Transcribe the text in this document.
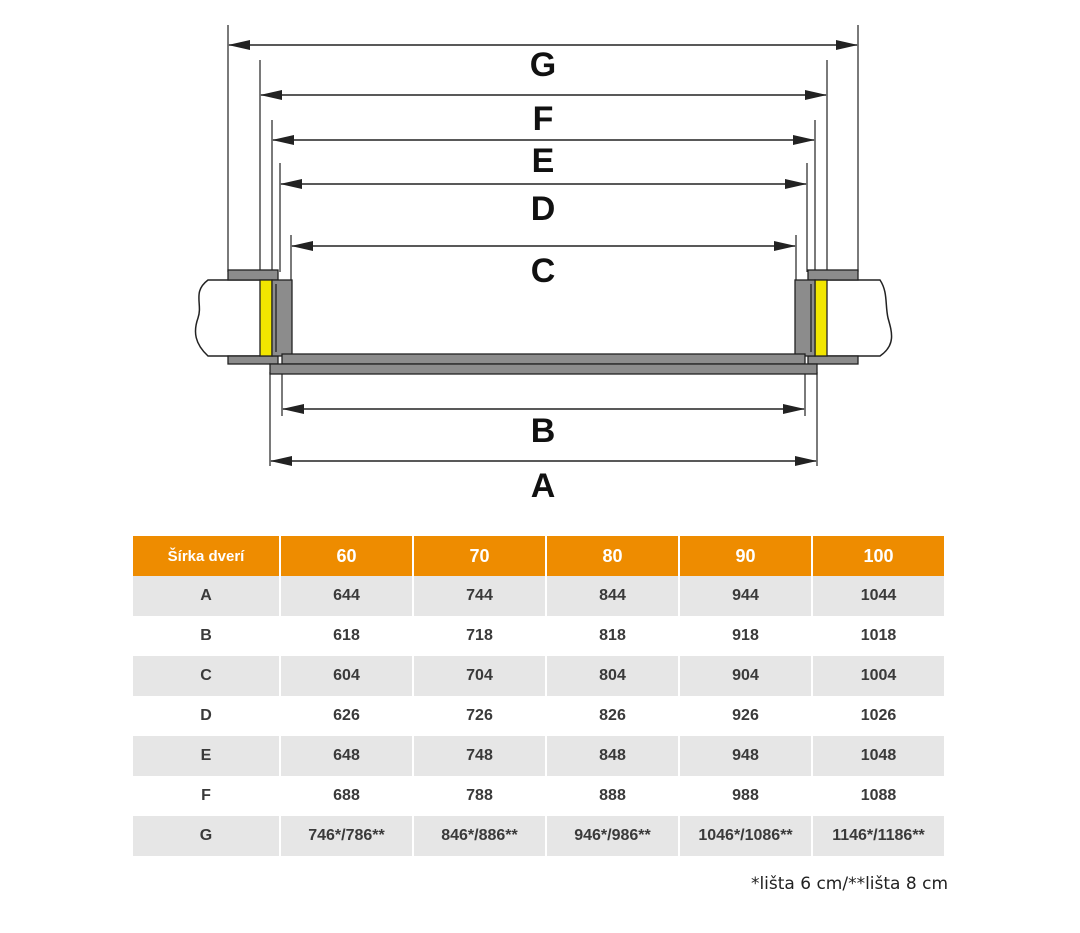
G
F
E
D
C
B
A
Šírka dverí	60	70	80	90	100
A	644	744	844	944	1044
B	618	718	818	918	1018
C	604	704	804	904	1004
D	626	726	826	926	1026
E	648	748	848	948	1048
F	688	788	888	988	1088
G	746*/786**	846*/886**	946*/986**	1046*/1086**	1146*/1186**
*lišta 6 cm/**lišta 8 cm
